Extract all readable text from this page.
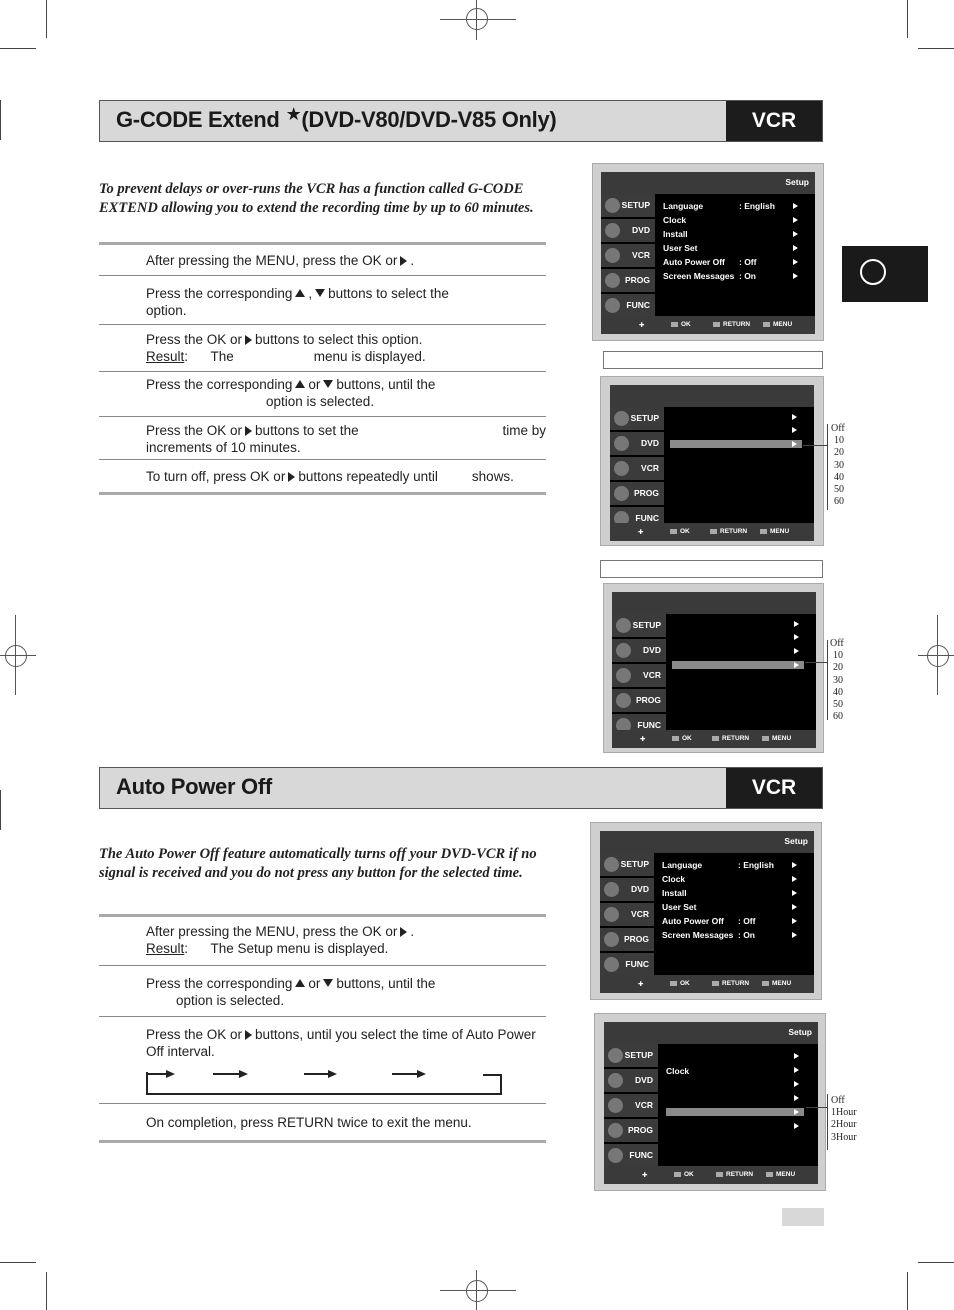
G-CODE Extend ★(DVD-V80/DVD-V85 Only)	VCR
To prevent delays or over-runs the VCR has a function called G-CODE EXTEND allowing you to extend the recording time by up to 60 minutes.
After pressing the MENU, press the OK or .
Press the corresponding , buttons to select the
option.
Press the OK or buttons to select this option.
Result:      The	menu is displayed.
Press the corresponding or buttons, until the
option is selected.
Press the OK or buttons to set the	time by

increments of 10 minutes.
To turn off, press OK or buttons repeatedly until	shows.
Setup
SETUP
DVD
VCR
PROG
FUNC
Language	: English
Clock
Install
User Set
Auto Power Off : Off
Screen Messages : On
✚	OK	RETURN	MENU
SETUP
DVD
VCR
PROG
FUNC
✚	OK	RETURN	MENU
Off
10
20
30
40
50
60
SETUP
DVD
VCR
PROG
FUNC
✚	OK	RETURN	MENU
Off
10
20
30
40
50
60
Auto Power Off	VCR
The Auto Power Off feature automatically turns off your DVD-VCR if no signal is received and you do not press any button for the selected time.
After pressing the MENU, press the OK or .
Result:      The Setup menu is displayed.
Press the corresponding or buttons, until the
option is selected.
Press the OK or buttons, until you select the time of Auto Power Off interval.
On completion, press RETURN twice to exit the menu.
Setup
SETUP
DVD
VCR
PROG
FUNC
Language	: English
Clock
Install
User Set
Auto Power Off : Off
Screen Messages : On
✚	OK	RETURN	MENU
Setup
SETUP
DVD
VCR
PROG
FUNC
Clock
✚	OK	RETURN	MENU
Off
1Hour
2Hour
3Hour
